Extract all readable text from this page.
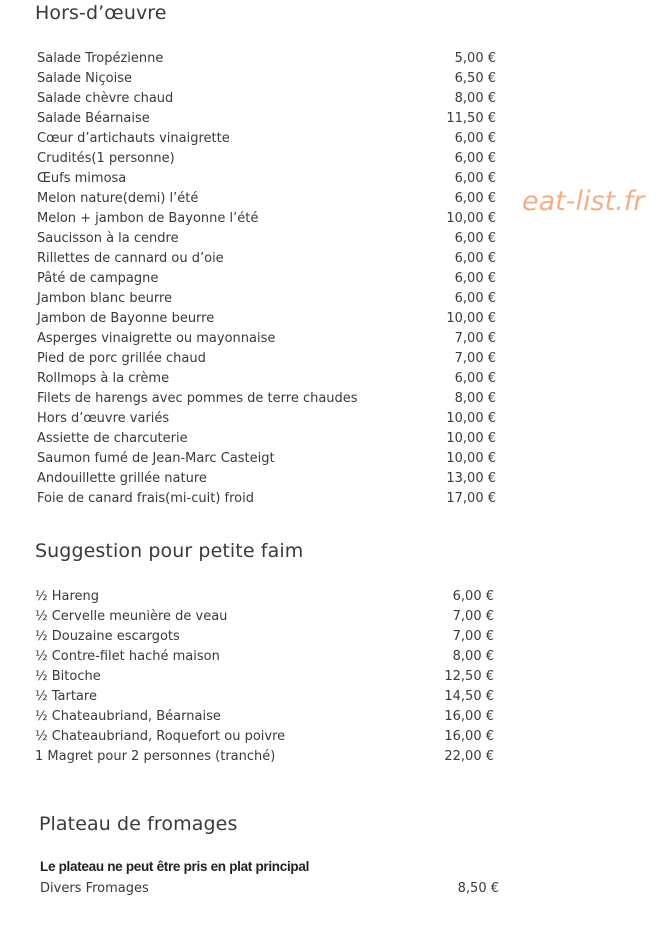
Hors-d’œuvre
Salade Tropézienne	5,00 €
Salade Niçoise	6,50 €
Salade chèvre chaud	8,00 €
Salade Béarnaise	11,50 €
Cœur d’artichauts vinaigrette	6,00 €
Crudités(1 personne)	6,00 €
Œufs mimosa	6,00 €
Melon nature(demi) l’été	6,00 €
Melon + jambon de Bayonne l’été	10,00 €
Saucisson à la cendre	6,00 €
Rillettes de cannard ou d’oie	6,00 €
Pâté de campagne	6,00 €
Jambon blanc beurre	6,00 €
Jambon de Bayonne beurre	10,00 €
Asperges vinaigrette ou mayonnaise	7,00 €
Pied de porc grillée chaud	7,00 €
Rollmops à la crème	6,00 €
Filets de harengs avec pommes de terre chaudes	8,00 €
Hors d’œuvre variés	10,00 €
Assiette de charcuterie	10,00 €
Saumon fumé de Jean-Marc Casteigt	10,00 €
Andouillette grillée nature	13,00 €
Foie de canard frais(mi-cuit) froid	17,00 €
eat-list.fr
Suggestion pour petite faim
½ Hareng	6,00 €
½ Cervelle meunière de veau	7,00 €
½ Douzaine escargots	7,00 €
½ Contre-filet haché maison	8,00 €
½ Bitoche	12,50 €
½ Tartare	14,50 €
½ Chateaubriand, Béarnaise	16,00 €
½ Chateaubriand, Roquefort ou poivre	16,00 €
1 Magret pour 2 personnes (tranché)	22,00 €
Plateau de fromages
Le plateau ne peut être pris en plat principal
Divers Fromages	8,50 €
